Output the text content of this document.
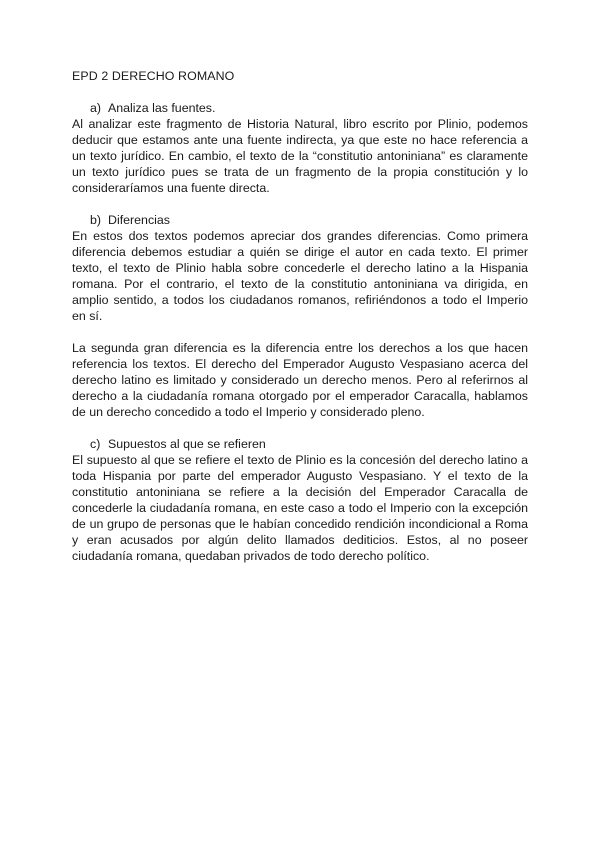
EPD 2 DERECHO ROMANO

a) Analiza las fuentes.

Al analizar este fragmento de Historia Natural, libro escrito por Plinio, podemos deducir que estamos ante una fuente indirecta, ya que este no hace referencia a un texto jurídico. En cambio, el texto de la “constitutio antoniniana” es claramente un texto jurídico pues se trata de un fragmento de la propia constitución y lo consideraríamos una fuente directa.

b) Diferencias

En estos dos textos podemos apreciar dos grandes diferencias. Como primera diferencia debemos estudiar a quién se dirige el autor en cada texto. El primer texto, el texto de Plinio habla sobre concederle el derecho latino a la Hispania romana. Por el contrario, el texto de la constitutio antoniniana va dirigida, en amplio sentido, a todos los ciudadanos romanos, refiriéndonos a todo el Imperio en sí.

La segunda gran diferencia es la diferencia entre los derechos a los que hacen referencia los textos. El derecho del Emperador Augusto Vespasiano acerca del derecho latino es limitado y considerado un derecho menos. Pero al referirnos al derecho a la ciudadanía romana otorgado por el emperador Caracalla, hablamos de un derecho concedido a todo el Imperio y considerado pleno.

c) Supuestos al que se refieren

El supuesto al que se refiere el texto de Plinio es la concesión del derecho latino a toda Hispania por parte del emperador Augusto Vespasiano. Y el texto de la constitutio antoniniana se refiere a la decisión del Emperador Caracalla de concederle la ciudadanía romana, en este caso a todo el Imperio con la excepción de un grupo de personas que le habían concedido rendición incondicional a Roma y eran acusados por algún delito llamados dediticios. Estos, al no poseer ciudadanía romana, quedaban privados de todo derecho político.
